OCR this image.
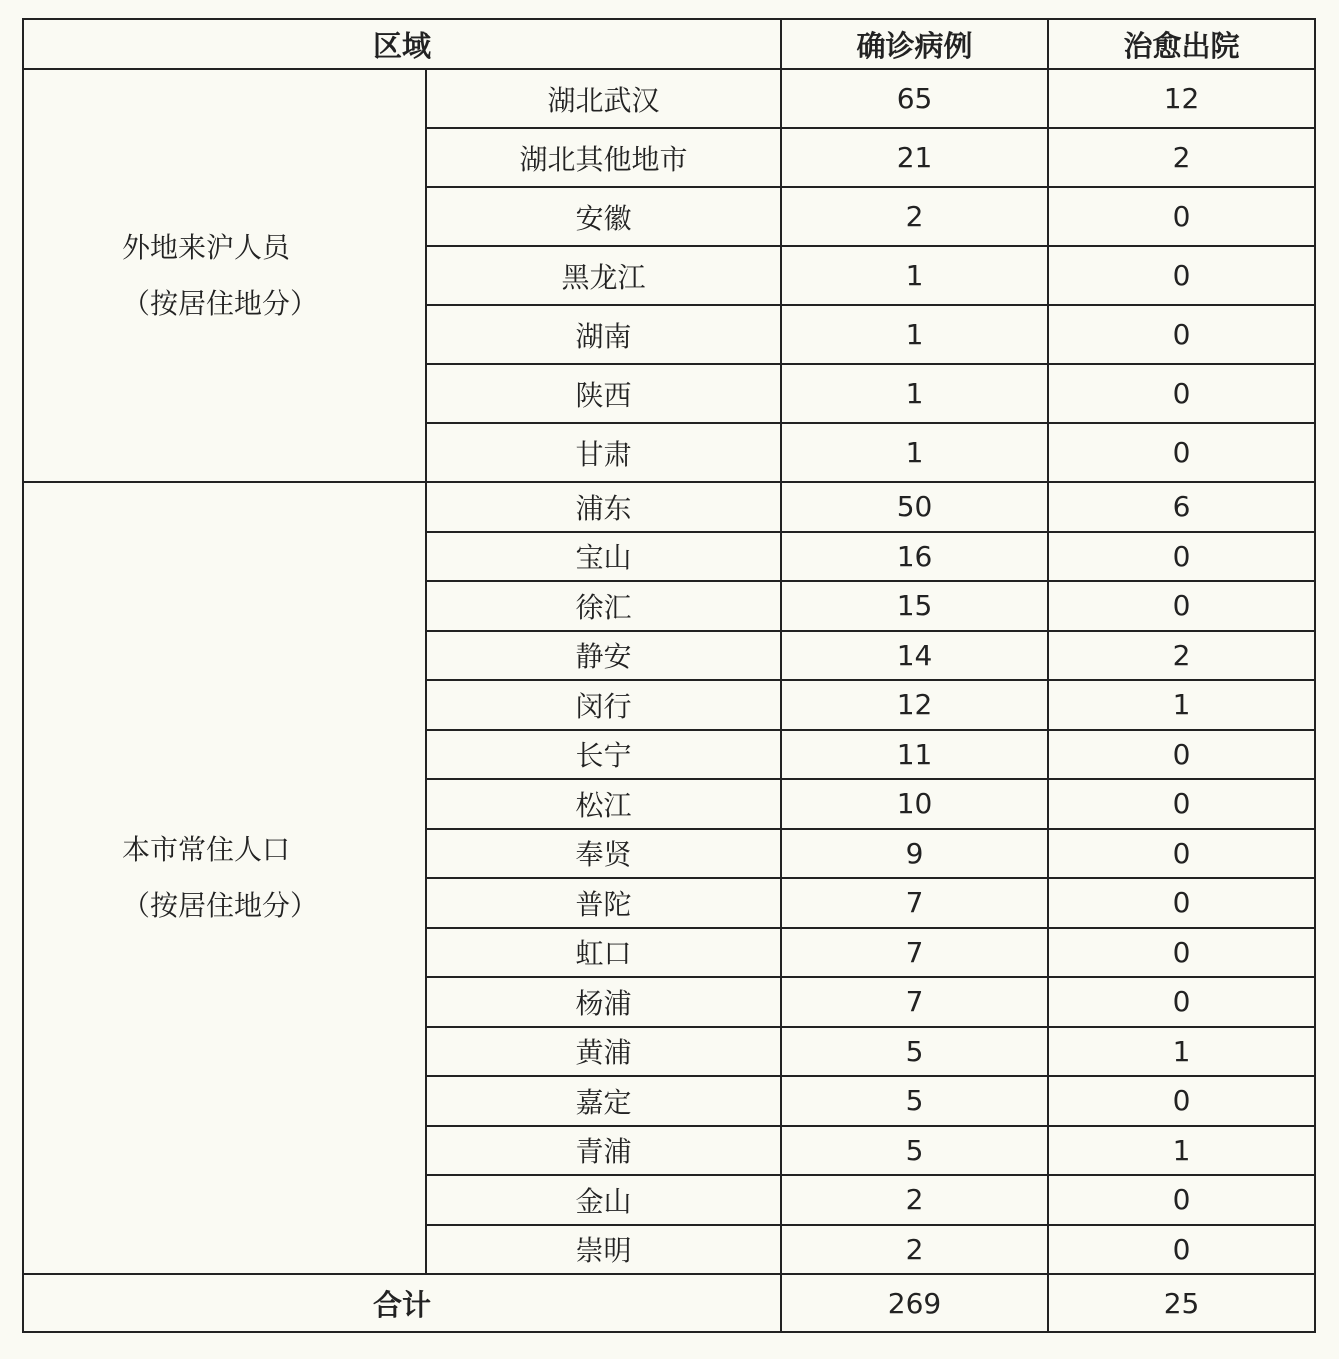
区域		确诊病例	治愈出院

外地来沪人员
（按居住地分）	湖北武汉	65	12
	湖北其他地市	21	2
	安徽	2	0
	黑龙江	1	0
	湖南	1	0
	陕西	1	0
	甘肃	1	0

本市常住人口
（按居住地分）	浦东	50	6
	宝山	16	0
	徐汇	15	0
	静安	14	2
	闵行	12	1
	长宁	11	0
	松江	10	0
	奉贤	9	0
	普陀	7	0
	虹口	7	0
	杨浦	7	0
	黄浦	5	1
	嘉定	5	0
	青浦	5	1
	金山	2	0
	崇明	2	0
合计		269	25
